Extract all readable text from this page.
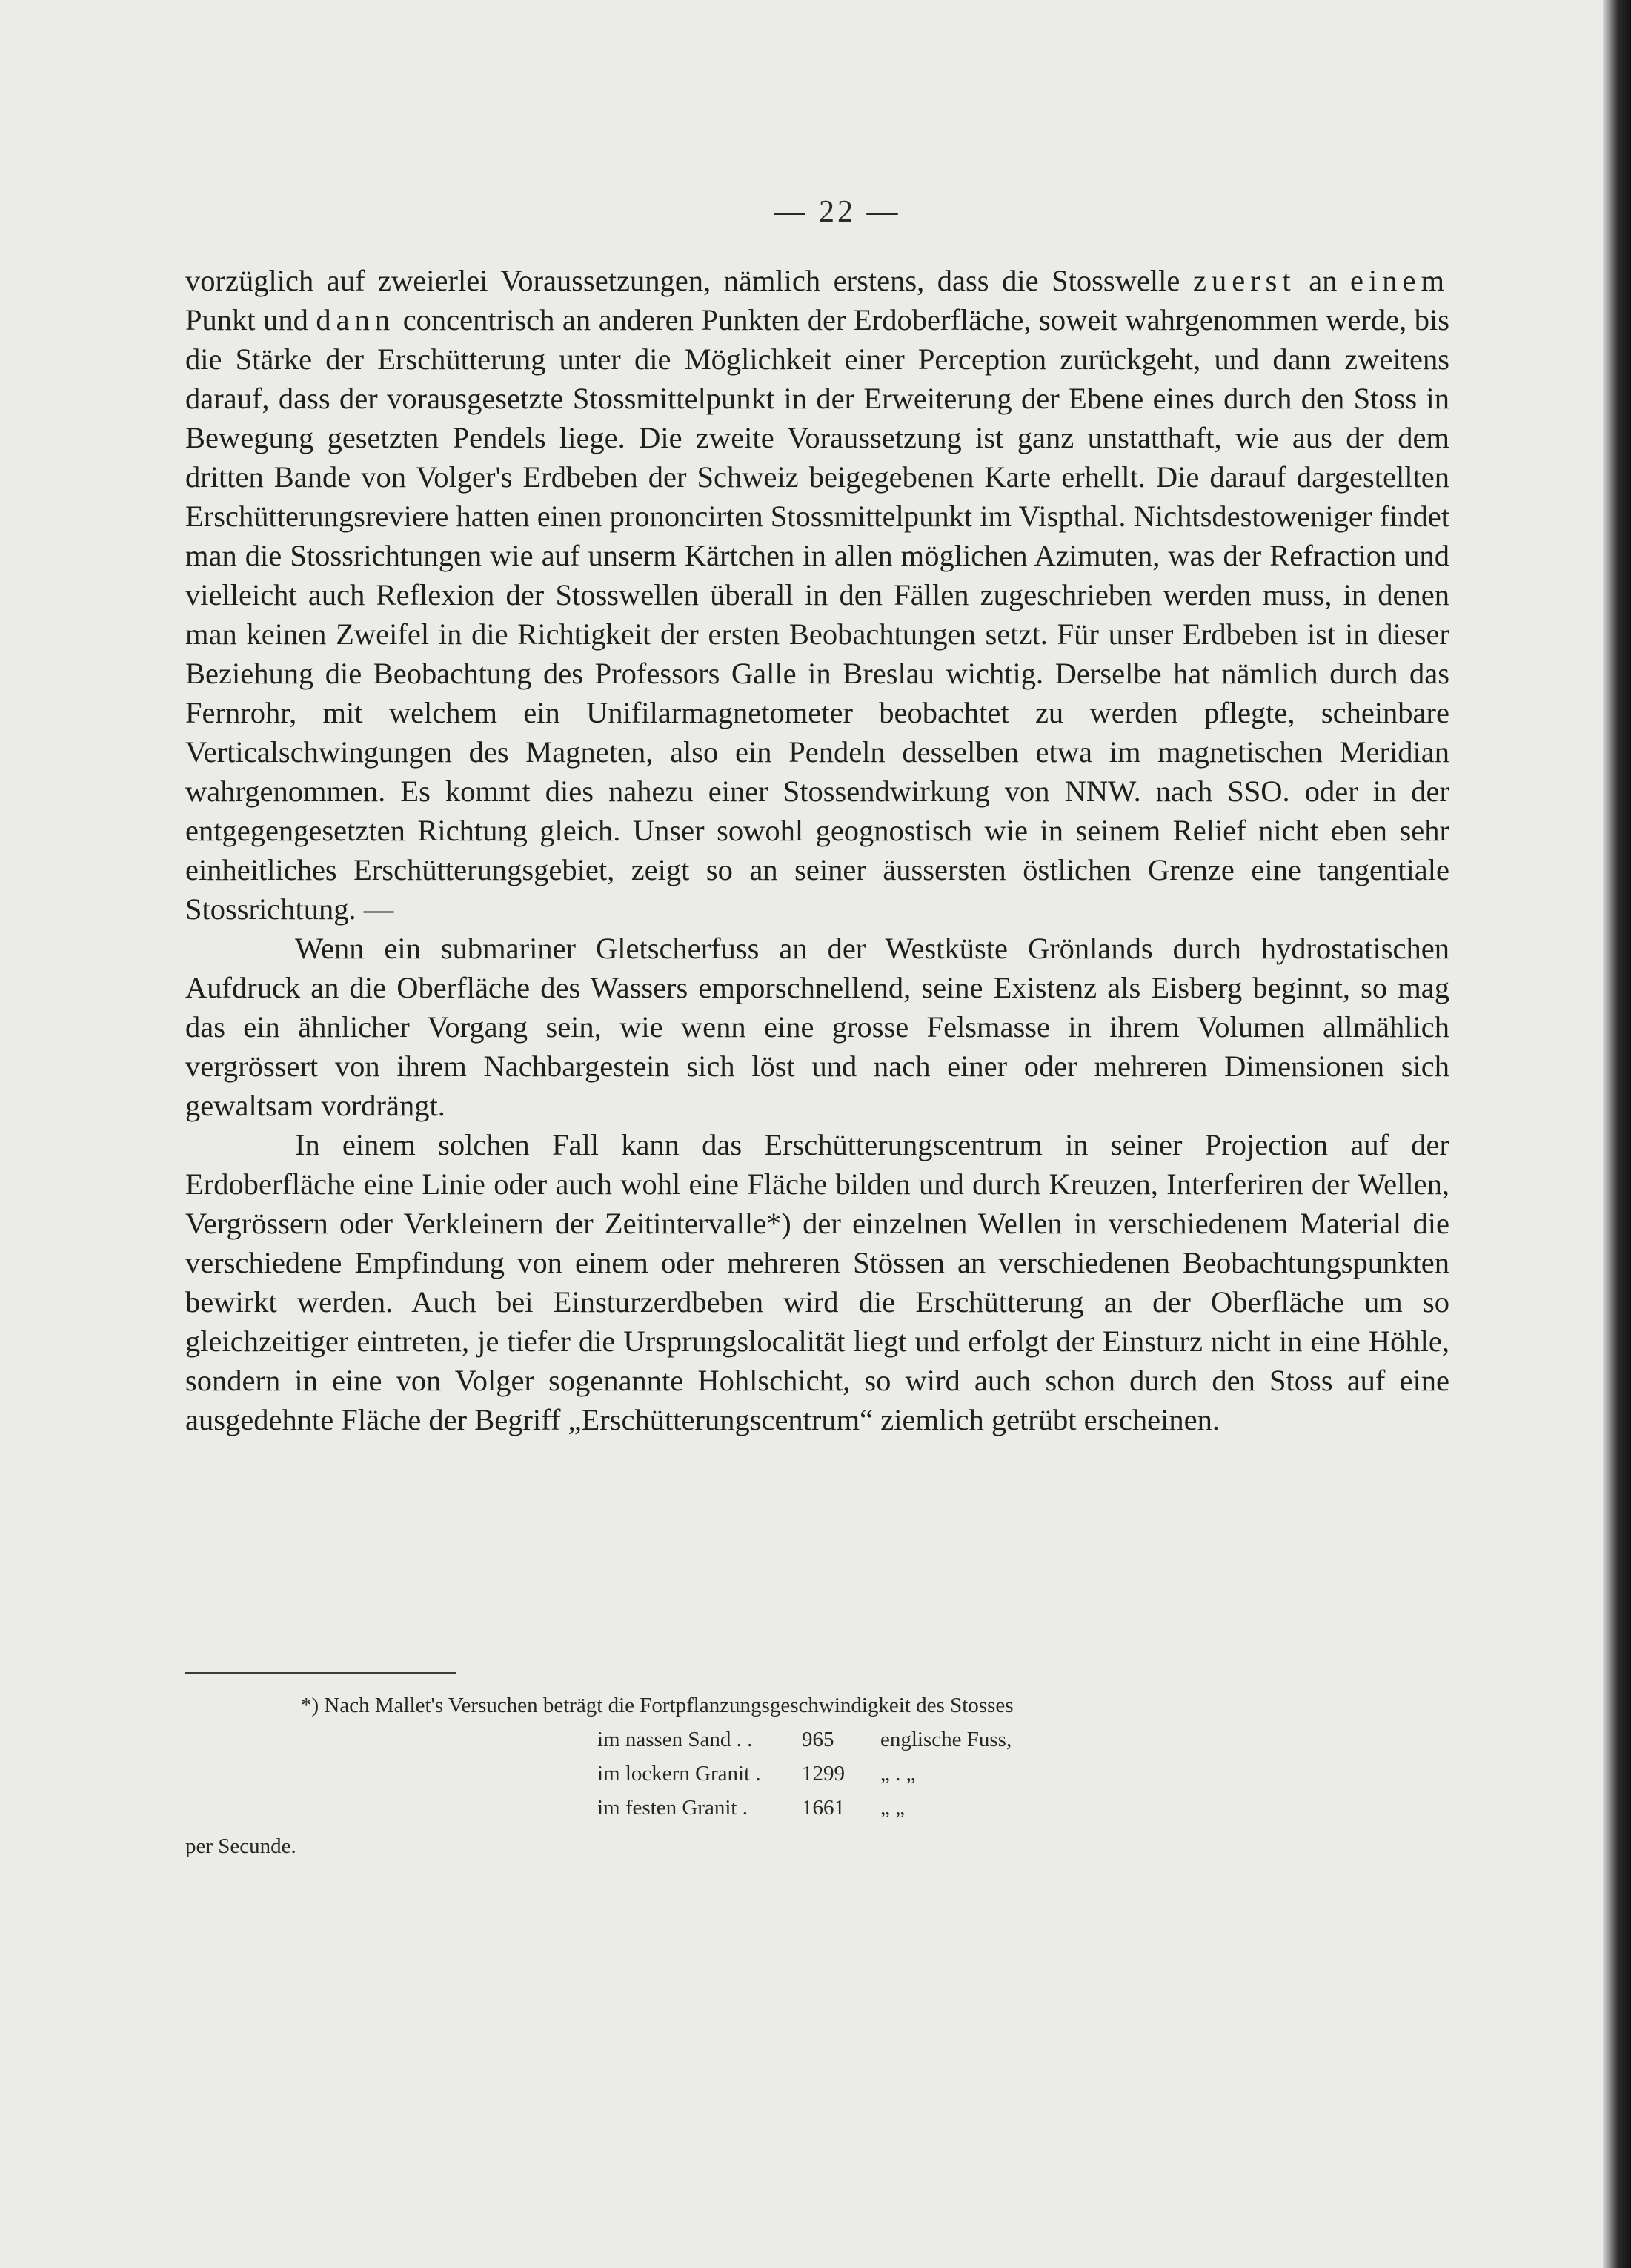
— 22 —

vorzüglich auf zweierlei Voraussetzungen, nämlich erstens, dass die Stosswelle zuerst an einem Punkt und dann concentrisch an anderen Punkten der Erdoberfläche, soweit wahrgenommen werde, bis die Stärke der Erschütterung unter die Möglichkeit einer Perception zurückgeht, und dann zweitens darauf, dass der vorausgesetzte Stossmittelpunkt in der Erweiterung der Ebene eines durch den Stoss in Bewegung gesetzten Pendels liege. Die zweite Voraussetzung ist ganz unstatthaft, wie aus der dem dritten Bande von Volger's Erdbeben der Schweiz beigegebenen Karte erhellt. Die darauf dargestellten Erschütterungsreviere hatten einen prononcirten Stossmittelpunkt im Vispthal. Nichtsdestoweniger findet man die Stossrichtungen wie auf unserm Kärtchen in allen möglichen Azimuten, was der Refraction und vielleicht auch Reflexion der Stosswellen überall in den Fällen zugeschrieben werden muss, in denen man keinen Zweifel in die Richtigkeit der ersten Beobachtungen setzt. Für unser Erdbeben ist in dieser Beziehung die Beobachtung des Professors Galle in Breslau wichtig. Derselbe hat nämlich durch das Fernrohr, mit welchem ein Unifilarmagnetometer beobachtet zu werden pflegte, scheinbare Verticalschwingungen des Magneten, also ein Pendeln desselben etwa im magnetischen Meridian wahrgenommen. Es kommt dies nahezu einer Stossendwirkung von NNW. nach SSO. oder in der entgegengesetzten Richtung gleich. Unser sowohl geognostisch wie in seinem Relief nicht eben sehr einheitliches Erschütterungsgebiet, zeigt so an seiner äussersten östlichen Grenze eine tangentiale Stossrichtung. —

Wenn ein submariner Gletscherfuss an der Westküste Grönlands durch hydrostatischen Aufdruck an die Oberfläche des Wassers emporschnellend, seine Existenz als Eisberg beginnt, so mag das ein ähnlicher Vorgang sein, wie wenn eine grosse Felsmasse in ihrem Volumen allmählich vergrössert von ihrem Nachbargestein sich löst und nach einer oder mehreren Dimensionen sich gewaltsam vordrängt.

In einem solchen Fall kann das Erschütterungscentrum in seiner Projection auf der Erdoberfläche eine Linie oder auch wohl eine Fläche bilden und durch Kreuzen, Interferiren der Wellen, Vergrössern oder Verkleinern der Zeitintervalle*) der einzelnen Wellen in verschiedenem Material die verschiedene Empfindung von einem oder mehreren Stössen an verschiedenen Beobachtungspunkten bewirkt werden. Auch bei Einsturzerdbeben wird die Erschütterung an der Oberfläche um so gleichzeitiger eintreten, je tiefer die Ursprungslocalität liegt und erfolgt der Einsturz nicht in eine Höhle, sondern in eine von Volger sogenannte Hohlschicht, so wird auch schon durch den Stoss auf eine ausgedehnte Fläche der Begriff „Erschütterungscentrum“ ziemlich getrübt erscheinen.

*) Nach Mallet's Versuchen beträgt die Fortpflanzungsgeschwindigkeit des Stosses
im nassen Sand . .	965	englische Fuss,
im lockern Granit .	1299	„ . „
im festen Granit .	1661	„ „
per Secunde.
